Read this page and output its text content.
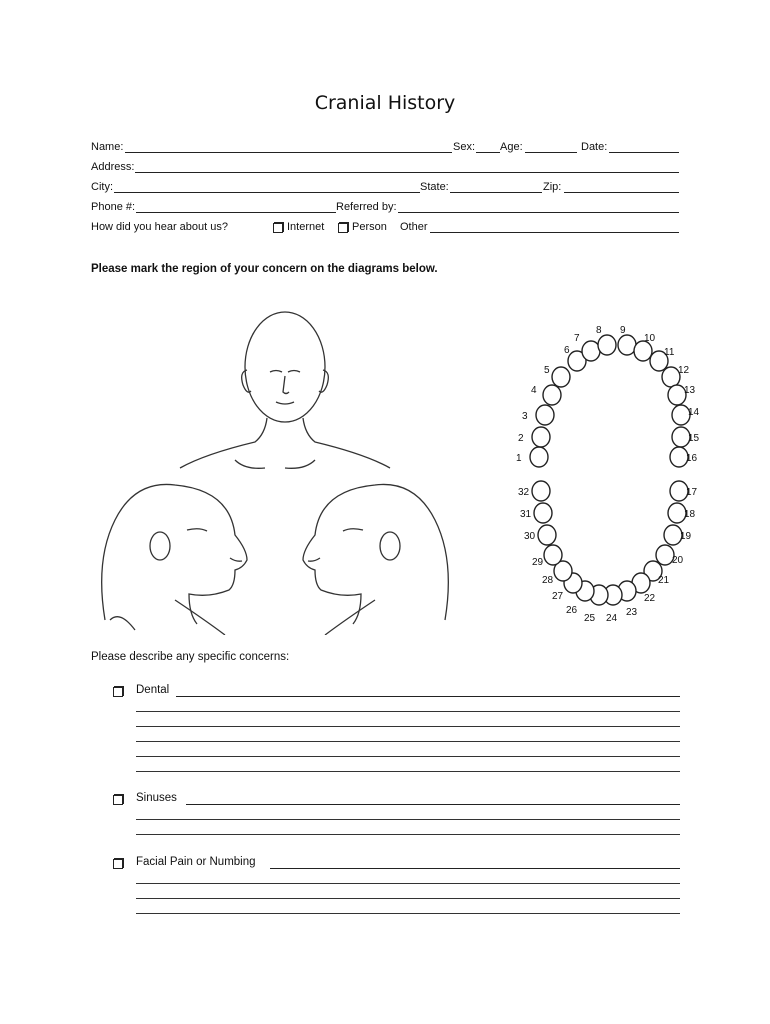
Cranial History
Name:	Sex: Age:	Date:
Address:
City:	State:	Zip:
Phone #:	Referred by:
How did you hear about us?	Internet	Person Other
Please mark the region of your concern on the diagrams below.
1
2
3
4
5
6
7
8 9
10
11
12
13
14
15
16
17
18
19
20
21
22
23
24
25
26
27
28
29
30
31
32
Please describe any specific concerns:
Dental
Sinuses
Facial Pain or Numbing
